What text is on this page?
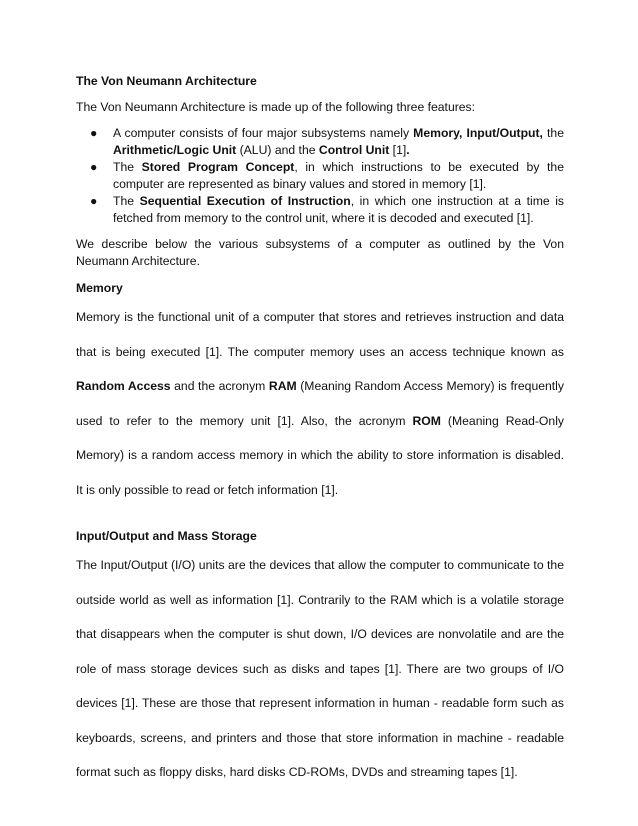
The Von Neumann Architecture

The Von Neumann Architecture is made up of the following three features:

● A computer consists of four major subsystems namely Memory, Input/Output, the Arithmetic/Logic Unit (ALU) and the Control Unit [1].
● The Stored Program Concept, in which instructions to be executed by the computer are represented as binary values and stored in memory [1].
● The Sequential Execution of Instruction, in which one instruction at a time is fetched from memory to the control unit, where it is decoded and executed [1].

We describe below the various subsystems of a computer as outlined by the Von Neumann Architecture.

Memory

Memory is the functional unit of a computer that stores and retrieves instruction and data that is being executed [1]. The computer memory uses an access technique known as Random Access and the acronym RAM (Meaning Random Access Memory) is frequently used to refer to the memory unit [1]. Also, the acronym ROM (Meaning Read-Only Memory) is a random access memory in which the ability to store information is disabled. It is only possible to read or fetch information [1].

Input/Output and Mass Storage

The Input/Output (I/O) units are the devices that allow the computer to communicate to the outside world as well as information [1]. Contrarily to the RAM which is a volatile storage that disappears when the computer is shut down, I/O devices are nonvolatile and are the role of mass storage devices such as disks and tapes [1]. There are two groups of I/O devices [1]. These are those that represent information in human - readable form such as keyboards, screens, and printers and those that store information in machine - readable format such as floppy disks, hard disks CD-ROMs, DVDs and streaming tapes [1].
